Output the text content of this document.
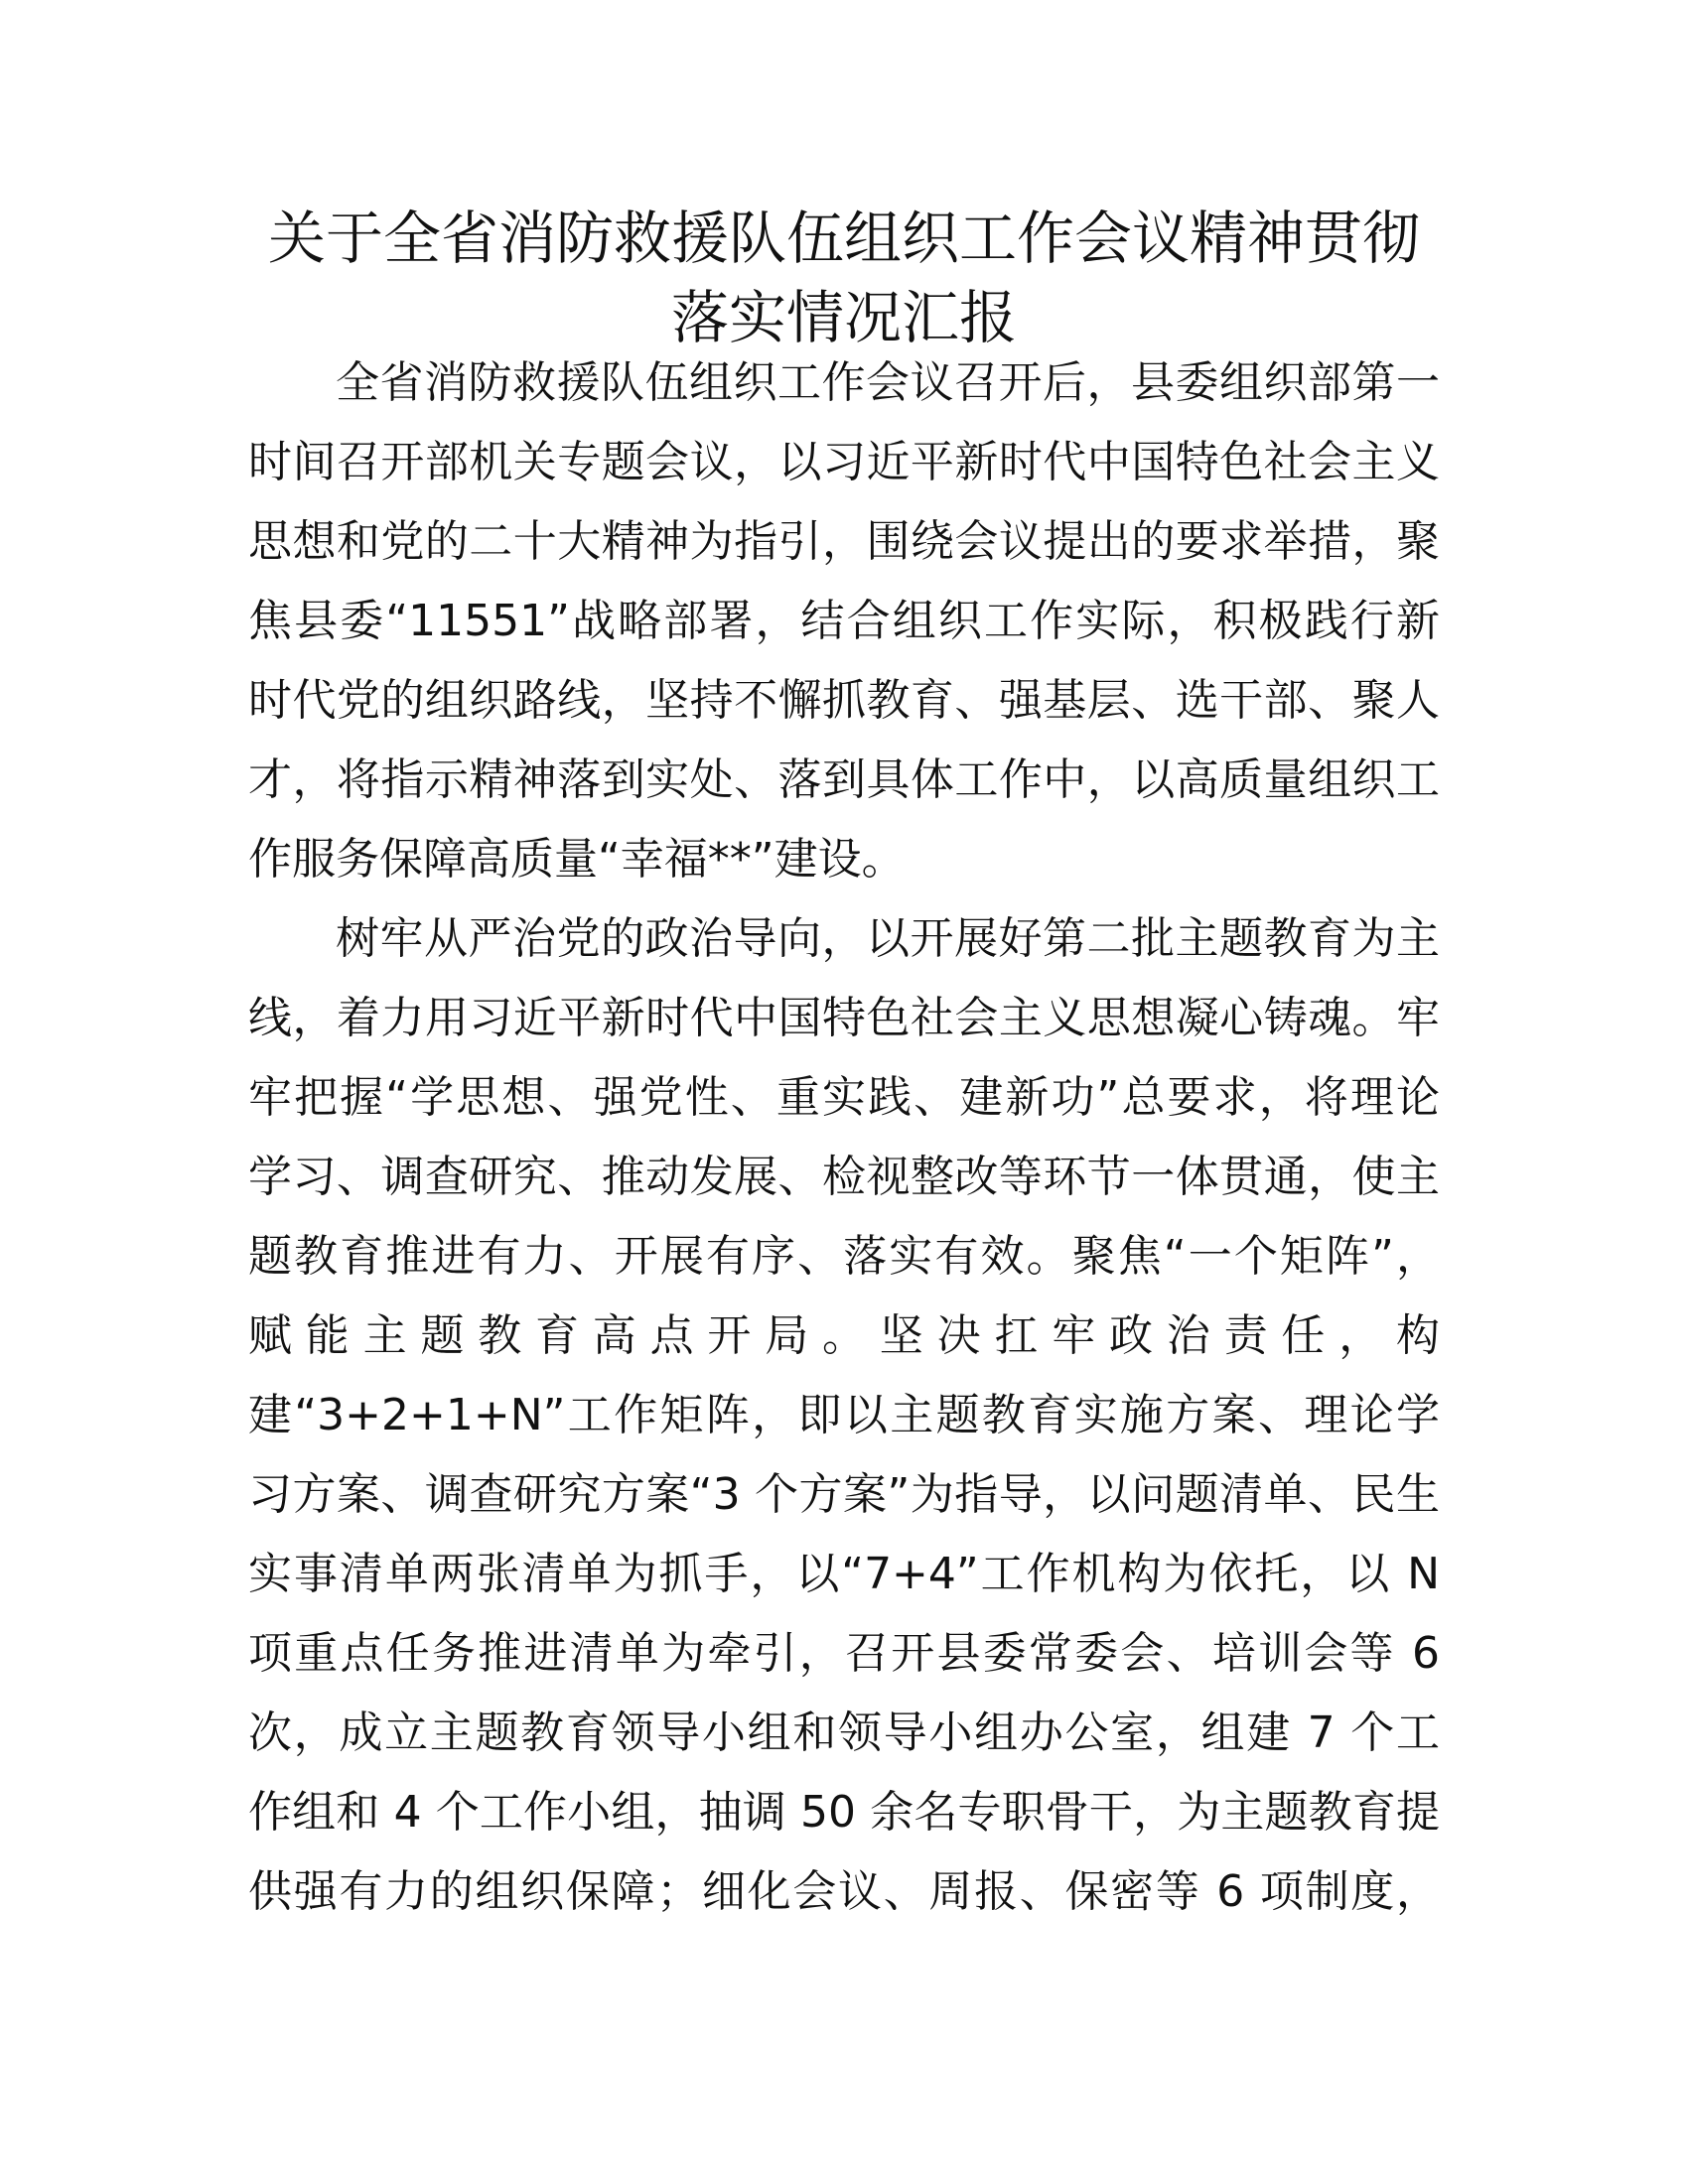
关于全省消防救援队伍组织工作会议精神贯彻
落实情况汇报

全省消防救援队伍组织工作会议召开后，县委组织部第一
时间召开部机关专题会议，以习近平新时代中国特色社会主义
思想和党的二十大精神为指引，围绕会议提出的要求举措，聚
焦县委“11551”战略部署，结合组织工作实际，积极践行新
时代党的组织路线，坚持不懈抓教育、强基层、选干部、聚人
才，将指示精神落到实处、落到具体工作中，以高质量组织工
作服务保障高质量“幸福**”建设。

树牢从严治党的政治导向，以开展好第二批主题教育为主
线，着力用习近平新时代中国特色社会主义思想凝心铸魂。牢
牢把握“学思想、强党性、重实践、建新功”总要求，将理论
学习、调查研究、推动发展、检视整改等环节一体贯通，使主
题教育推进有力、开展有序、落实有效。聚焦“一个矩阵”，
赋能主题教育高点开局。坚决扛牢政治责任，构
建“3+2+1+N”工作矩阵，即以主题教育实施方案、理论学
习方案、调查研究方案“3 个方案”为指导，以问题清单、民生
实事清单两张清单为抓手，以“7+4”工作机构为依托，以 N
项重点任务推进清单为牵引，召开县委常委会、培训会等 6
次，成立主题教育领导小组和领导小组办公室，组建 7 个工
作组和 4 个工作小组，抽调 50 余名专职骨干，为主题教育提
供强有力的组织保障；细化会议、周报、保密等 6 项制度，
